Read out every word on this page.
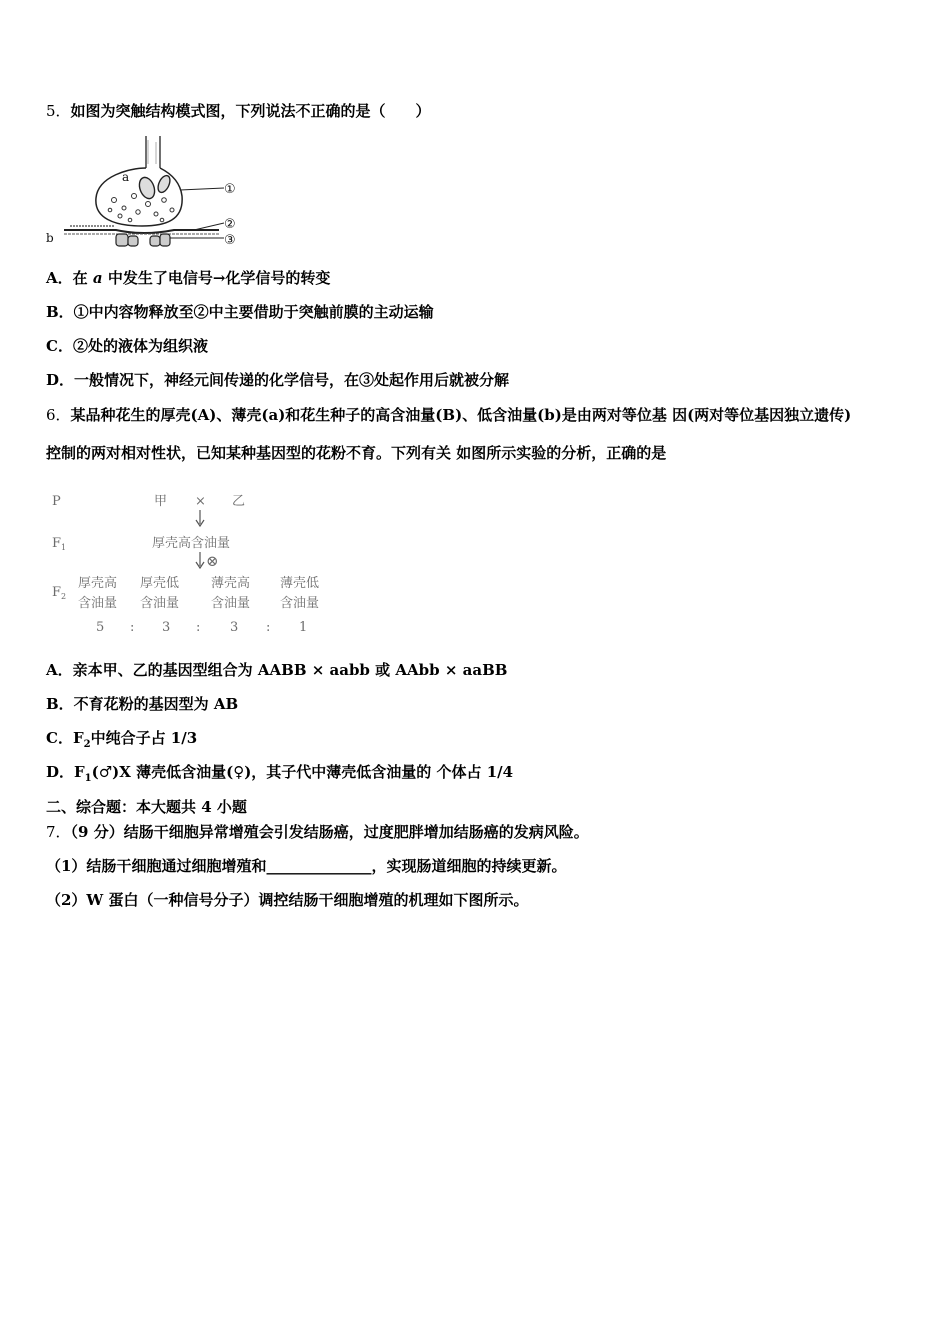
5．如图为突触结构模式图，下列说法不正确的是（　　）
a
b
①
②
③
A．在 a 中发生了电信号→化学信号的转变
B．①中内容物释放至②中主要借助于突触前膜的主动运输
C．②处的液体为组织液
D．一般情况下，神经元间传递的化学信号，在③处起作用后就被分解
6．某品种花生的厚壳(A)、薄壳(a)和花生种子的高含油量(B)、低含油量(b)是由两对等位基 因(两对等位基因独立遗传)
控制的两对相对性状，已知某种基因型的花粉不育。下列有关 如图所示实验的分析，正确的是
P	甲 × 乙
$F_1$	厚壳高含油量
⊗
$F_2$
厚壳高
含油量
厚壳低
含油量
薄壳高
含油量
薄壳低
含油量
5 : 3 : 3 : 1
A．亲本甲、乙的基因型组合为 AABB × aabb 或 AAbb × aaBB
B．不育花粉的基因型为 AB
C．$F_2$中纯合子占 1/3
D．$F_1(♂)X$ 薄壳低含油量(♀)，其子代中薄壳低含油量的 个体占 1/4
二、综合题：本大题共 4 小题
7．（9 分）结肠干细胞异常增殖会引发结肠癌，过度肥胖增加结肠癌的发病风险。
（1）结肠干细胞通过细胞增殖和______________，实现肠道细胞的持续更新。
（2）W 蛋白（一种信号分子）调控结肠干细胞增殖的机理如下图所示。
